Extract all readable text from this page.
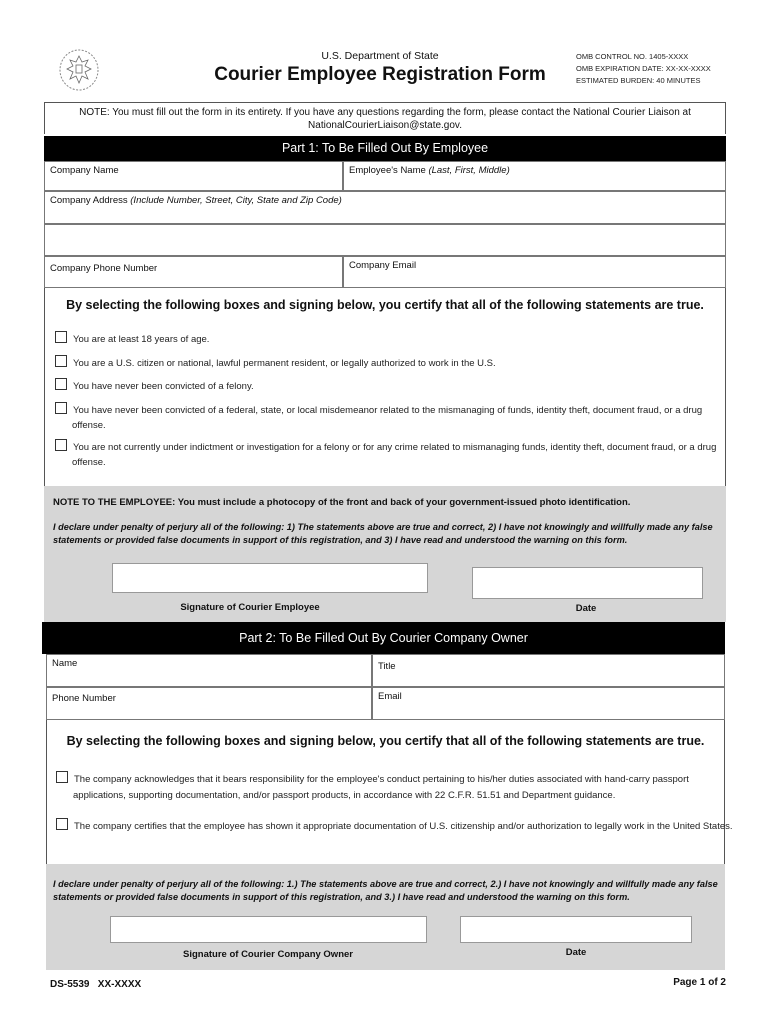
U.S. Department of State
Courier Employee Registration Form
OMB CONTROL NO. 1405-XXXX
OMB EXPIRATION DATE: XX-XX-XXXX
ESTIMATED BURDEN: 40 MINUTES
NOTE: You must fill out the form in its entirety. If you have any questions regarding the form, please contact the National Courier Liaison at NationalCourierLiaison@state.gov.
Part 1: To Be Filled Out By Employee
Company Name	Employee's Name (Last, First, Middle)
Company Address (Include Number, Street, City, State and Zip Code)
Company Phone Number	Company Email
By selecting the following boxes and signing below, you certify that all of the following statements are true.
You are at least 18 years of age.
You are a U.S. citizen or national, lawful permanent resident, or legally authorized to work in the U.S.
You have never been convicted of a felony.
You have never been convicted of a federal, state, or local misdemeanor related to the mismanaging of funds, identity theft, document fraud, or a drug offense.
You are not currently under indictment or investigation for a felony or for any crime related to mismanaging funds, identity theft, document fraud, or a drug offense.
NOTE TO THE EMPLOYEE: You must include a photocopy of the front and back of your government-issued photo identification.
I declare under penalty of perjury all of the following: 1) The statements above are true and correct, 2) I have not knowingly and willfully made any false statements or provided false documents in support of this registration, and 3) I have read and understood the warning on this form.
Signature of Courier Employee	Date
Part 2: To Be Filled Out By Courier Company Owner
Name	Title
Phone Number	Email
By selecting the following boxes and signing below, you certify that all of the following statements are true.
The company acknowledges that it bears responsibility for the employee's conduct pertaining to his/her duties associated with hand-carry passport applications, supporting documentation, and/or passport products, in accordance with 22 C.F.R. 51.51 and Department guidance.
The company certifies that the employee has shown it appropriate documentation of U.S. citizenship and/or authorization to legally work in the United States.
I declare under penalty of perjury all of the following: 1.) The statements above are true and correct, 2.) I have not knowingly and willfully made any false statements or provided false documents in support of this registration, and 3.) I have read and understood the warning on this form.
Signature of Courier Company Owner	Date
DS-5539   XX-XXXX	Page 1 of 2
